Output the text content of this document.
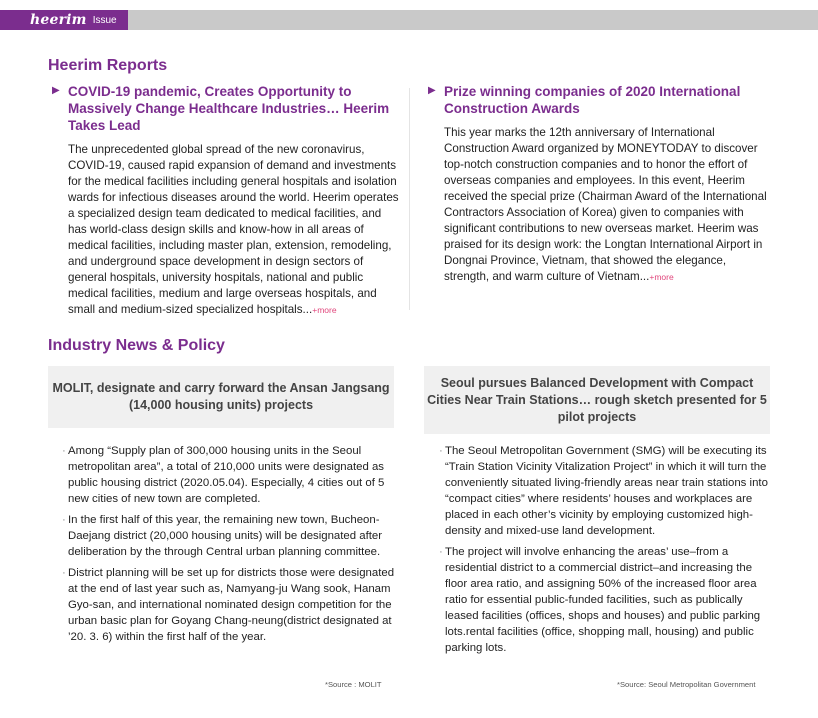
heerim Issue
Heerim Reports
▶ COVID-19 pandemic, Creates Opportunity to Massively Change Healthcare Industries… Heerim Takes Lead

The unprecedented global spread of the new coronavirus, COVID-19, caused rapid expansion of demand and investments for the medical facilities including general hospitals and isolation wards for infectious diseases around the world. Heerim operates a specialized design team dedicated to medical facilities, and has world-class design skills and know-how in all areas of medical facilities, including master plan, extension, remodeling, and underground space development in design sectors of general hospitals, university hospitals, national and public medical facilities, medium and large overseas hospitals, and small and medium-sized specialized hospitals...+more

▶ Prize winning companies of 2020 International Construction Awards

This year marks the 12th anniversary of International Construction Award organized by MONEYTODAY to discover top-notch construction companies and to honor the effort of overseas companies and employees. In this event, Heerim received the special prize (Chairman Award of the International Contractors Association of Korea) given to companies with significant contributions to new overseas market. Heerim was praised for its design work: the Longtan International Airport in Dongnai Province, Vietnam, that showed the elegance, strength, and warm culture of Vietnam...+more

Industry News & Policy
MOLIT, designate and carry forward the Ansan Jangsang (14,000 housing units) projects
Seoul pursues Balanced Development with Compact Cities Near Train Stations… rough sketch presented for 5 pilot projects

· Among “Supply plan of 300,000 housing units in the Seoul metropolitan area”, a total of 210,000 units were designated as public housing district (2020.05.04). Especially, 4 cities out of 5 new cities of new town are completed.

· In the first half of this year, the remaining new town, Bucheon-Daejang district (20,000 housing units) will be designated after deliberation by the through Central urban planning committee.

· District planning will be set up for districts those were designated at the end of last year such as, Namyang-ju Wang sook, Hanam Gyo-san, and international nominated design competition for the urban basic plan for Goyang Chang-neung(district designated at ’20. 3. 6) within the first half of the year.

· The Seoul Metropolitan Government (SMG) will be executing its “Train Station Vicinity Vitalization Project” in which it will turn the conveniently situated living-friendly areas near train stations into “compact cities” where residents’ houses and workplaces are placed in each other’s vicinity by employing customized high-density and mixed-use land development.

· The project will involve enhancing the areas’ use–from a residential district to a commercial district–and increasing the floor area ratio, and assigning 50% of the increased floor area ratio for essential public-funded facilities, such as publically leased facilities (offices, shops and houses) and public parking lots.rental facilities (office, shopping mall, housing) and public parking lots.

*Source : MOLIT	*Source: Seoul Metropolitan Government
